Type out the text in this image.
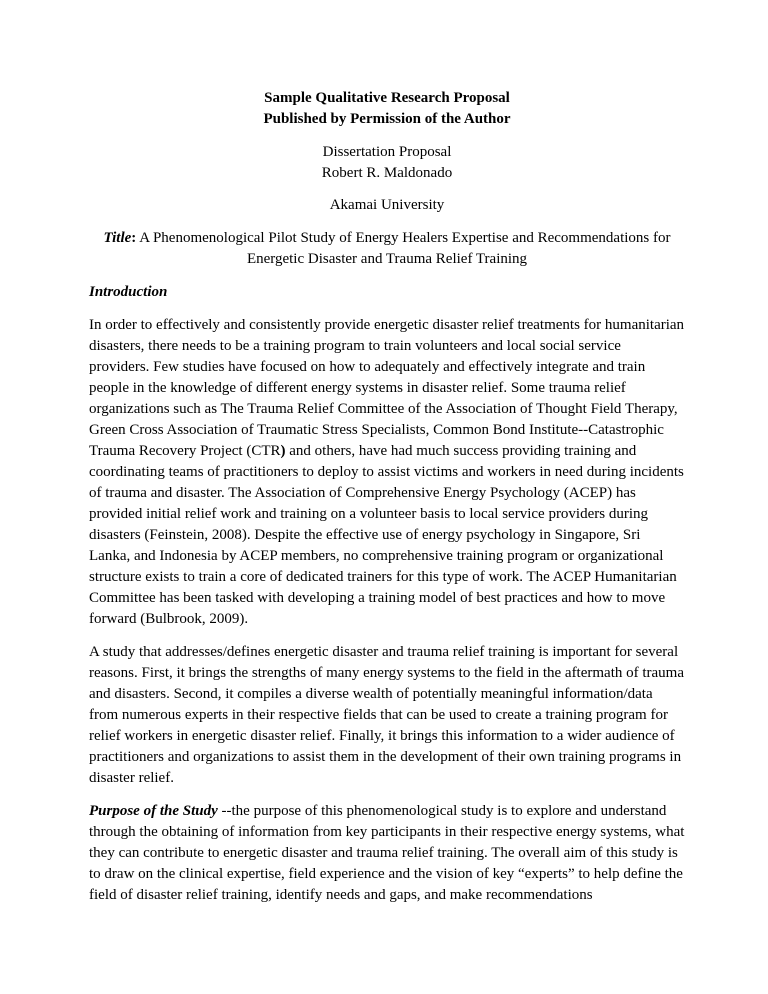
Sample Qualitative Research Proposal

Published by Permission of the Author

Dissertation Proposal

Robert R. Maldonado

Akamai University

Title: A Phenomenological Pilot Study of Energy Healers Expertise and Recommendations for Energetic Disaster and Trauma Relief Training

Introduction

In order to effectively and consistently provide energetic disaster relief treatments for humanitarian disasters, there needs to be a training program to train volunteers and local social service providers. Few studies have focused on how to adequately and effectively integrate and train people in the knowledge of different energy systems in disaster relief. Some trauma relief organizations such as The Trauma Relief Committee of the Association of Thought Field Therapy, Green Cross Association of Traumatic Stress Specialists, Common Bond Institute--Catastrophic Trauma Recovery Project (CTR) and others, have had much success providing training and coordinating teams of practitioners to deploy to assist victims and workers in need during incidents of trauma and disaster. The Association of Comprehensive Energy Psychology (ACEP) has provided initial relief work and training on a volunteer basis to local service providers during disasters (Feinstein, 2008). Despite the effective use of energy psychology in Singapore, Sri Lanka, and Indonesia by ACEP members, no comprehensive training program or organizational structure exists to train a core of dedicated trainers for this type of work. The ACEP Humanitarian Committee has been tasked with developing a training model of best practices and how to move forward (Bulbrook, 2009).

A study that addresses/defines energetic disaster and trauma relief training is important for several reasons. First, it brings the strengths of many energy systems to the field in the aftermath of trauma and disasters. Second, it compiles a diverse wealth of potentially meaningful information/data from numerous experts in their respective fields that can be used to create a training program for relief workers in energetic disaster relief. Finally, it brings this information to a wider audience of practitioners and organizations to assist them in the development of their own training programs in disaster relief.

Purpose of the Study --the purpose of this phenomenological study is to explore and understand through the obtaining of information from key participants in their respective energy systems, what they can contribute to energetic disaster and trauma relief training. The overall aim of this study is to draw on the clinical expertise, field experience and the vision of key “experts” to help define the field of disaster relief training, identify needs and gaps, and make recommendations
